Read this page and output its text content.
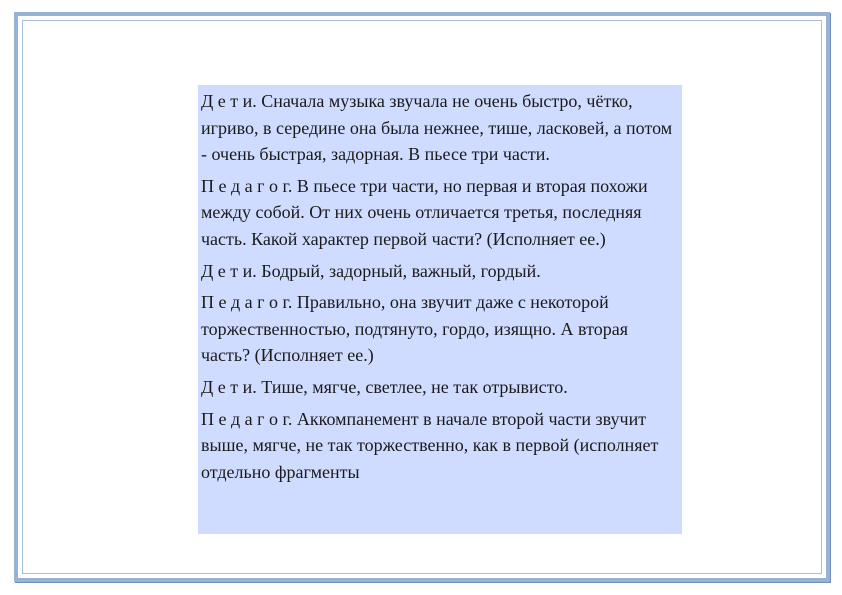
Д е т и. Сначала музыка звучала не очень быстро, чётко, игриво, в середине она была нежнее, тише, ласковей, а потом - очень быстрая, задорная. В пьесе три части.

П е д а г о г. В пьесе три части, но первая и вторая похожи между собой. От них очень отличается третья, последняя часть. Какой характер первой части? (Исполняет ее.)

Д е т и. Бодрый, задорный, важный, гордый.

П е д а г о г. Правильно, она звучит даже с некоторой торжественностью, подтянуто, гордо, изящно. А вторая часть? (Исполняет ее.)

Д е т и. Тише, мягче, светлее, не так отрывисто.

П е д а г о г. Аккомпанемент в начале второй части звучит выше, мягче, не так торжественно, как в первой (исполняет отдельно фрагменты
